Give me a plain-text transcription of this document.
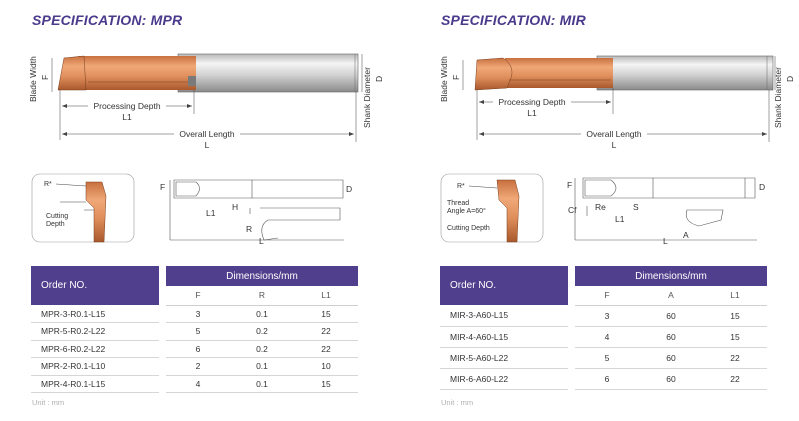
SPECIFICATION: MPR
Blade Width F	Shank Diameter D
Processing Depth
L1
Overall Length
L
R*
Cutting
Depth
F	D
L1
H
R
L
Order NO.		Dimensions/mm		
		F	R	L1
MPR-3-R0.1-L15		3	0.1	15
MPR-5-R0.2-L22		5	0.2	22
MPR-6-R0.2-L22		6	0.2	22
MPR-2-R0.1-L10		2	0.1	10
MPR-4-R0.1-L15		4	0.1	15
Unit : mm
SPECIFICATION: MIR
Blade Width F	Shank Diameter D
Processing Depth
L1
Overall Length
L
R*
Thread
Angle A=60°
Cutting Depth
F	D
Cf Re	S
L1
L
A
Order NO.		Dimensions/mm		
		F	A	L1
MIR-3-A60-L15		3	60	15
MIR-4-A60-L15		4	60	15
MIR-5-A60-L22		5	60	22
MIR-6-A60-L22		6	60	22
Unit : mm
